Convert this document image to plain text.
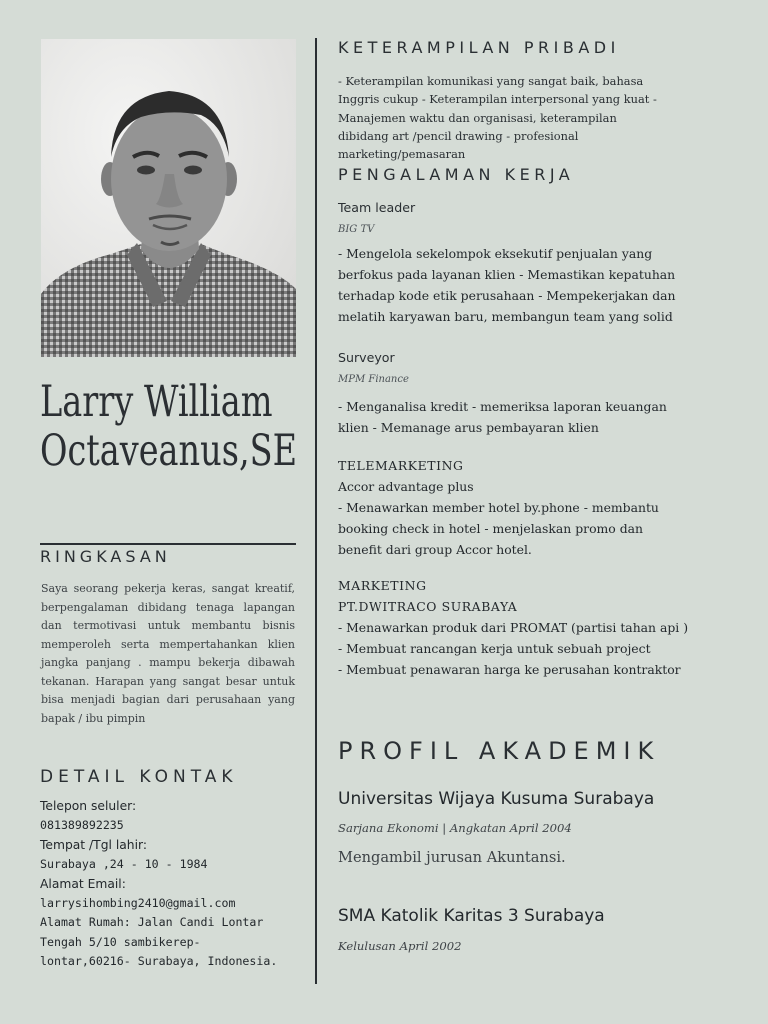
Larry William
Octaveanus,SE
RINGKASAN
Saya seorang pekerja keras, sangat kreatif, berpengalaman dibidang tenaga lapangan dan termotivasi untuk membantu bisnis memperoleh serta mempertahankan klien jangka panjang . mampu bekerja dibawah tekanan. Harapan yang sangat besar untuk bisa menjadi bagian dari perusahaan yang bapak / ibu pimpin
DETAIL KONTAK
Telepon seluler:
081389892235
Tempat /Tgl lahir:
Surabaya ,24 - 10 - 1984
Alamat Email:
larrysihombing2410@gmail.com
Alamat Rumah: Jalan Candi Lontar
Tengah 5/10 sambikerep-
lontar,60216- Surabaya, Indonesia.
KETERAMPILAN PRIBADI
- Keterampilan komunikasi yang sangat baik, bahasa
Inggris cukup - Keterampilan interpersonal yang kuat -
Manajemen waktu dan organisasi, keterampilan
dibidang art /pencil drawing - profesional
marketing/pemasaran
PENGALAMAN KERJA
Team leader
BIG TV
- Mengelola sekelompok eksekutif penjualan yang
berfokus pada layanan klien - Memastikan kepatuhan
terhadap kode etik perusahaan - Mempekerjakan dan
melatih karyawan baru, membangun team yang solid
Surveyor
MPM Finance
- Menganalisa kredit - memeriksa laporan keuangan
klien - Memanage arus pembayaran klien
TELEMARKETING
Accor advantage plus
- Menawarkan member hotel by.phone - membantu
booking check in hotel - menjelaskan promo dan
benefit dari group Accor hotel.
MARKETING
PT.DWITRACO SURABAYA
- Menawarkan produk dari PROMAT (partisi tahan api )
- Membuat rancangan kerja untuk sebuah project
- Membuat penawaran harga ke perusahan kontraktor
PROFIL AKADEMIK
Universitas Wijaya Kusuma Surabaya
Sarjana Ekonomi | Angkatan April 2004
Mengambil jurusan Akuntansi.
SMA Katolik Karitas 3 Surabaya
Kelulusan April 2002
